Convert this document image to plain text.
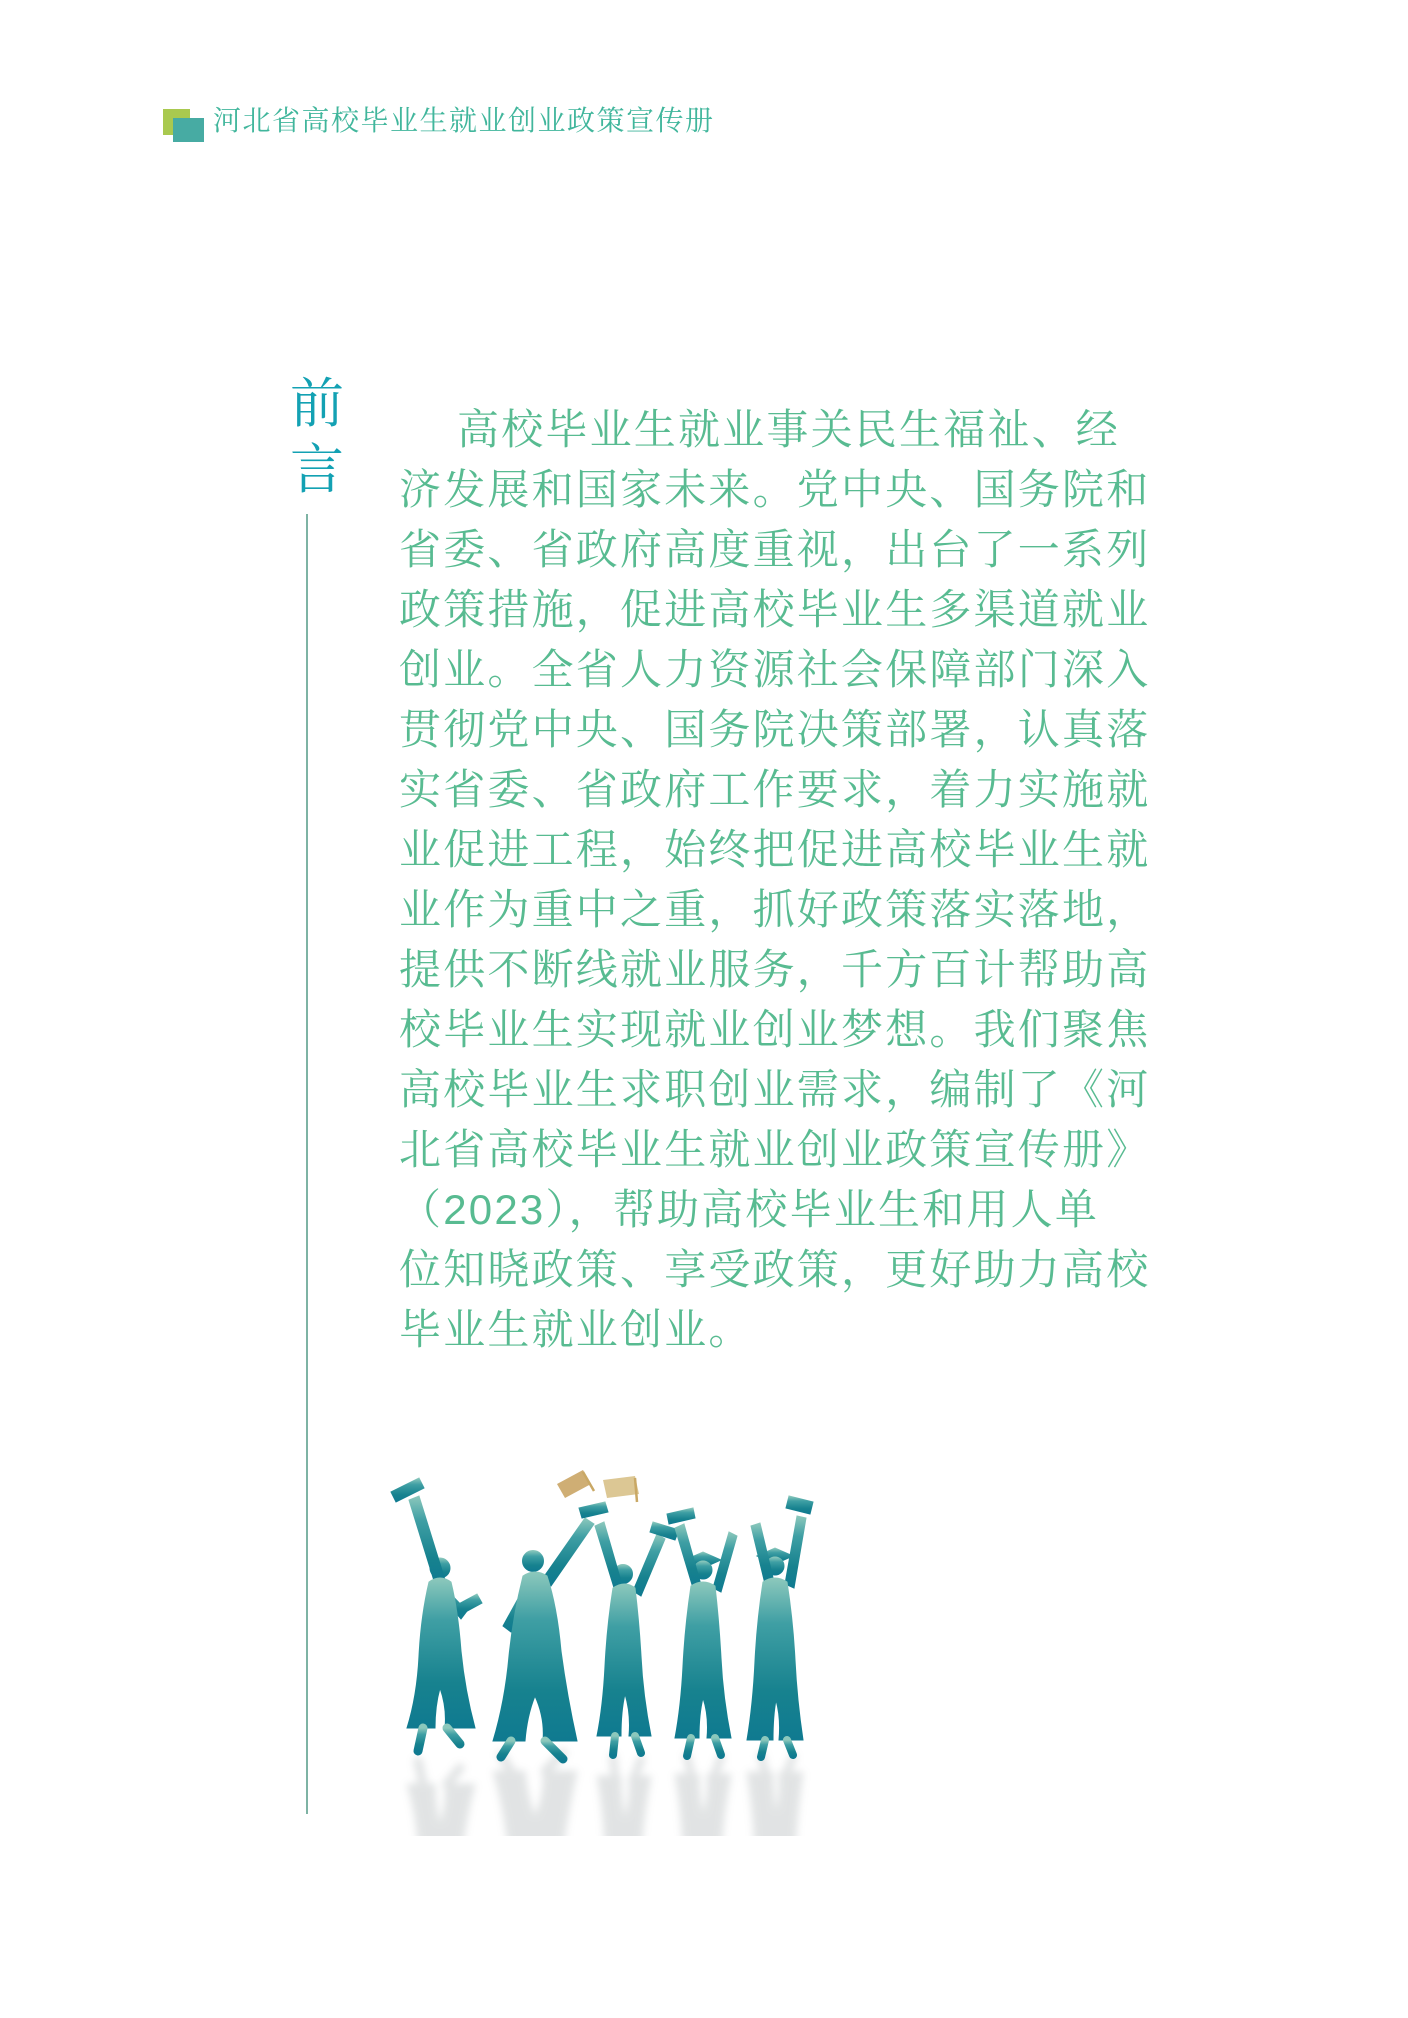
河北省高校毕业生就业创业政策宣传册
前言
高校毕业生就业事关民生福祉、经
济发展和国家未来。党中央、国务院和
省委、省政府高度重视，出台了一系列
政策措施，促进高校毕业生多渠道就业
创业。全省人力资源社会保障部门深入
贯彻党中央、国务院决策部署，认真落
实省委、省政府工作要求，着力实施就
业促进工程，始终把促进高校毕业生就
业作为重中之重，抓好政策落实落地，
提供不断线就业服务，千方百计帮助高
校毕业生实现就业创业梦想。我们聚焦
高校毕业生求职创业需求，编制了《河
北省高校毕业生就业创业政策宣传册》
（2023），帮助高校毕业生和用人单
位知晓政策、享受政策，更好助力高校
毕业生就业创业。
